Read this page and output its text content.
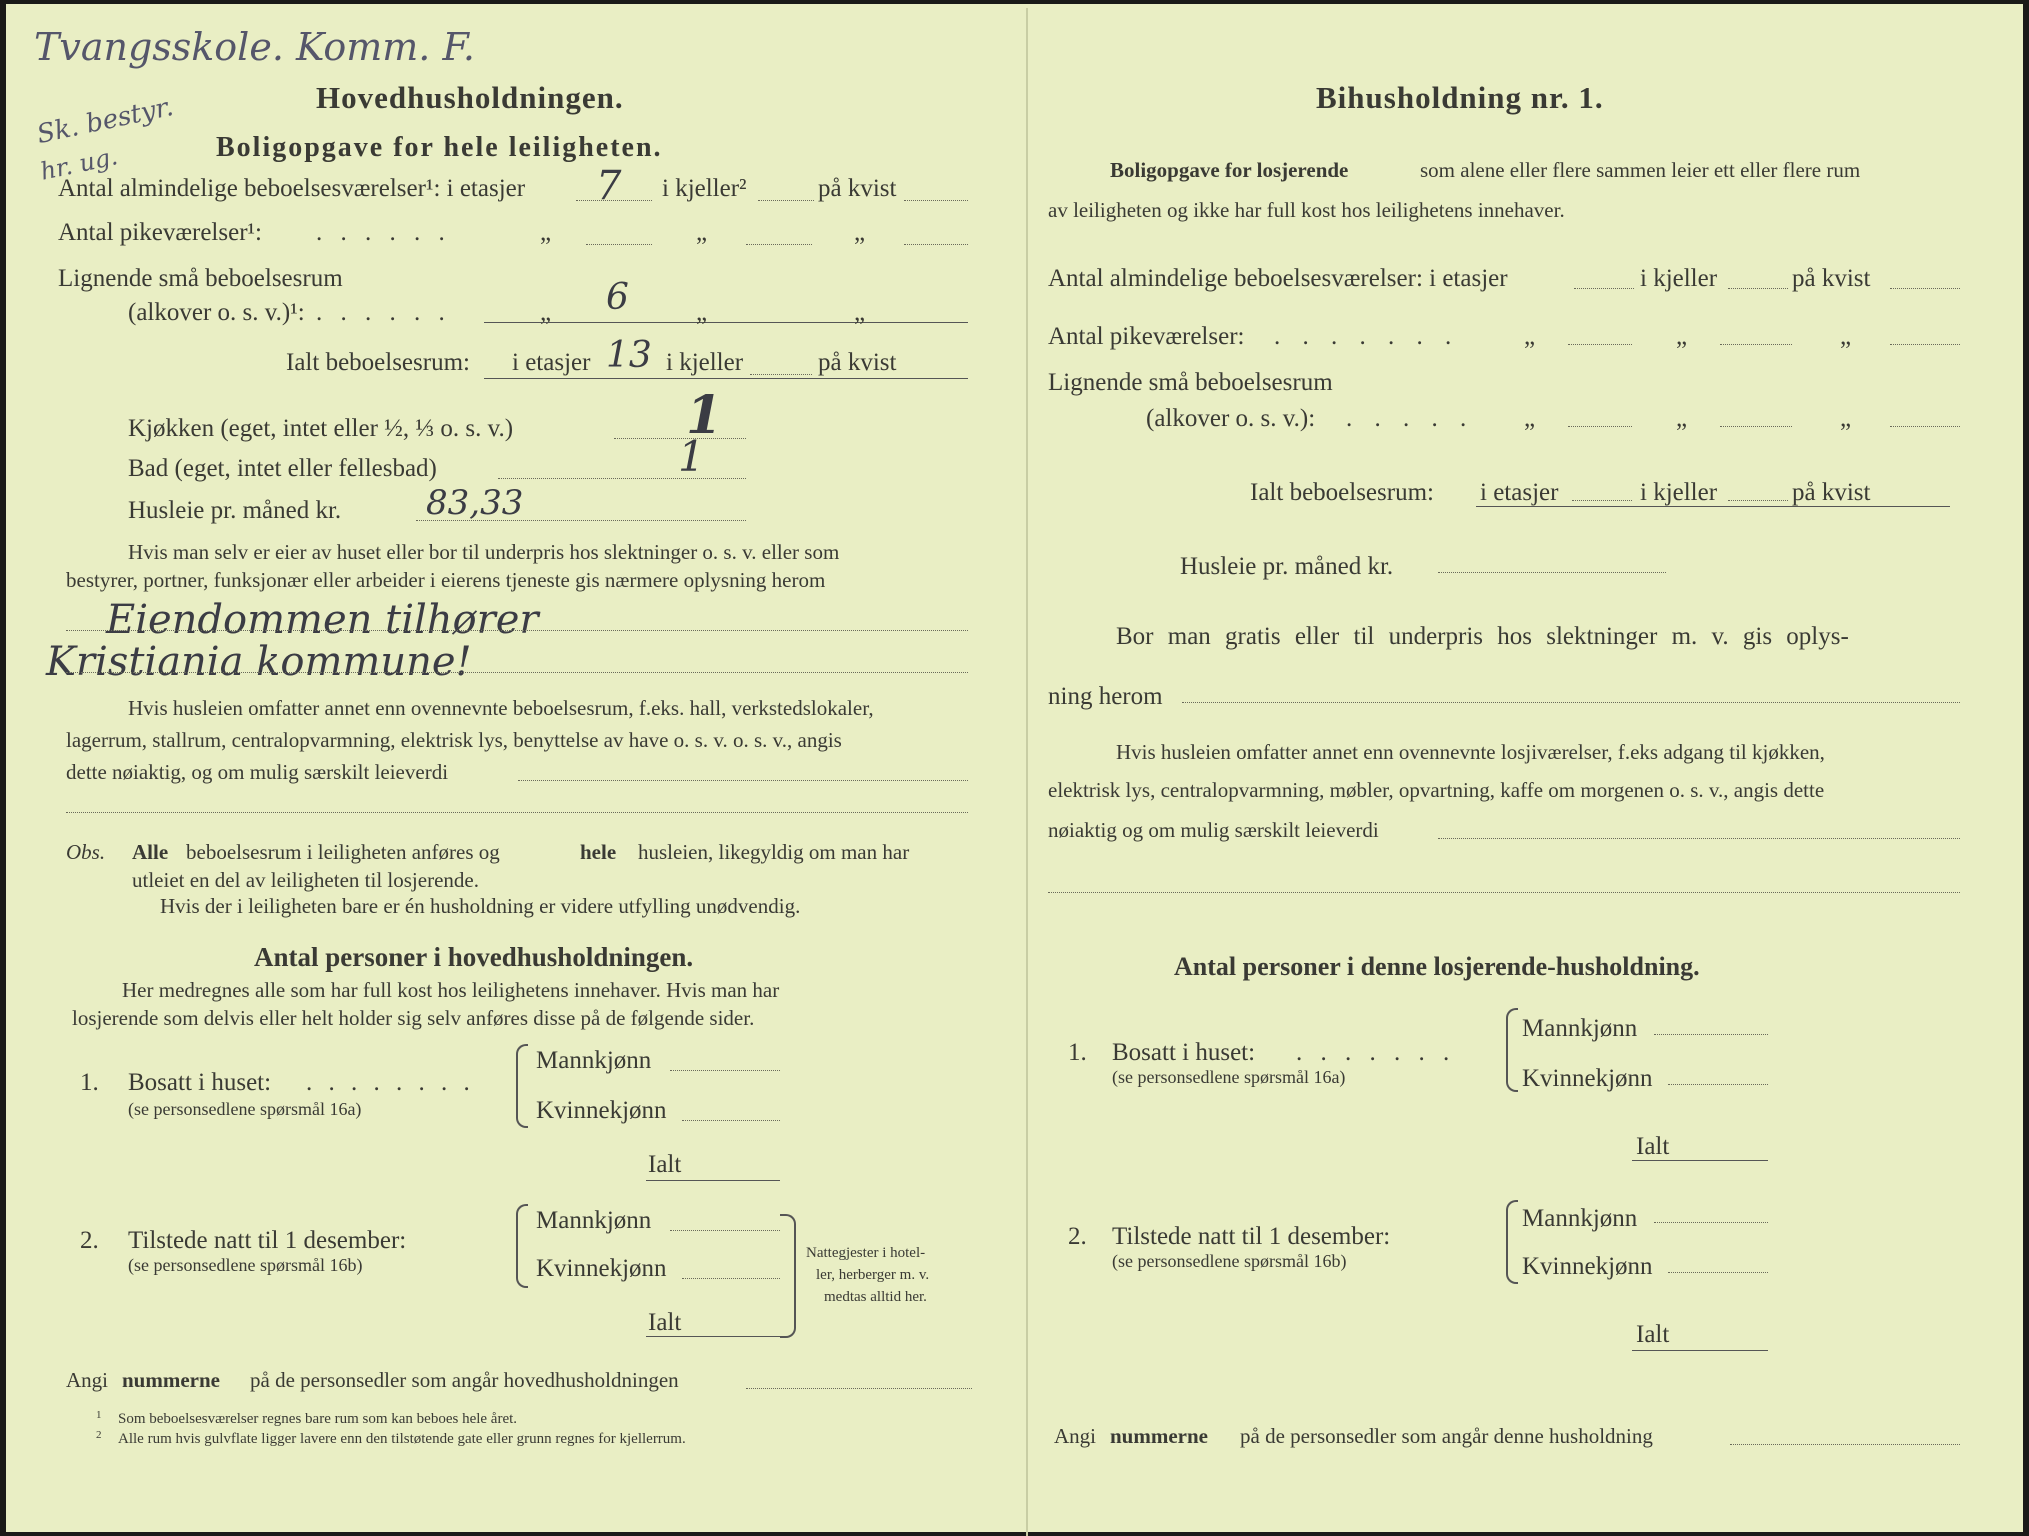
Tvangsskole. Komm. F.
Sk. bestyr.
hr. ug.
Hovedhusholdningen.
Boligopgave for hele leiligheten.
Antal almindelige beboelsesværelser¹: i etasjer 7 i kjeller²	på kvist
Antal pikeværelser¹: . . . . . .	„	„	„
Lignende små beboelsesrum
(alkover o. s. v.)¹: . . . . . .	„ 6	„	„
Ialt beboelsesrum: i etasjer 13 i kjeller	på kvist
Kjøkken (eget, intet eller ½, ⅓ o. s. v.)	1
Bad (eget, intet eller fellesbad)	1
Husleie pr. måned kr. 83,33
Hvis man selv er eier av huset eller bor til underpris hos slektninger o. s. v. eller som
bestyrer, portner, funksjonær eller arbeider i eierens tjeneste gis nærmere oplysning herom
Eiendommen tilhører
Kristiania kommune!
Hvis husleien omfatter annet enn ovennevnte beboelsesrum, f.eks. hall, verkstedslokaler,
lagerrum, stallrum, centralopvarmning, elektrisk lys, benyttelse av have o. s. v. o. s. v., angis
dette nøiaktig, og om mulig særskilt leieverdi
Obs. Alle beboelsesrum i leiligheten anføres og	hele husleien, likegyldig om man har
utleiet en del av leiligheten til losjerende.
Hvis der i leiligheten bare er én husholdning er videre utfylling unødvendig.
Antal personer i hovedhusholdningen.
Her medregnes alle som har full kost hos leilighetens innehaver. Hvis man har
losjerende som delvis eller helt holder sig selv anføres disse på de følgende sider.
1. Bosatt i huset: . . . . . . . .
(se personsedlene spørsmål 16a)
Mannkjønn
Kvinnekjønn
Ialt
2. Tilstede natt til 1 desember:
(se personsedlene spørsmål 16b)
Mannkjønn
Kvinnekjønn
Ialt
Nattegjester i hotel-
ler, herberger m. v.
medtas alltid her.
Angi nummerne på de personsedler som angår hovedhusholdningen
1 Som beboelsesværelser regnes bare rum som kan beboes hele året.
2 Alle rum hvis gulvflate ligger lavere enn den tilstøtende gate eller grunn regnes for kjellerrum.
Bihusholdning nr. 1.
Boligopgave for losjerende	som alene eller flere sammen leier ett eller flere rum
av leiligheten og ikke har full kost hos leilighetens innehaver.
Antal almindelige beboelsesværelser: i etasjer	i kjeller	på kvist
Antal pikeværelser: . . . . . . .	„	„	„
Lignende små beboelsesrum
(alkover o. s. v.): . . . . . „	„	„
Ialt beboelsesrum: i etasjer	i kjeller	på kvist
Husleie pr. måned kr.
Bor man gratis eller til underpris hos slektninger m. v. gis oplys-
ning herom
Hvis husleien omfatter annet enn ovennevnte losjiværelser, f.eks adgang til kjøkken,
elektrisk lys, centralopvarmning, møbler, opvartning, kaffe om morgenen o. s. v., angis dette
nøiaktig og om mulig særskilt leieverdi
Antal personer i denne losjerende-husholdning.
1. Bosatt i huset: . . . . . . .
(se personsedlene spørsmål 16a)
Mannkjønn
Kvinnekjønn
Ialt
2. Tilstede natt til 1 desember:
(se personsedlene spørsmål 16b)
Mannkjønn
Kvinnekjønn
Ialt
Angi nummerne på de personsedler som angår denne husholdning
